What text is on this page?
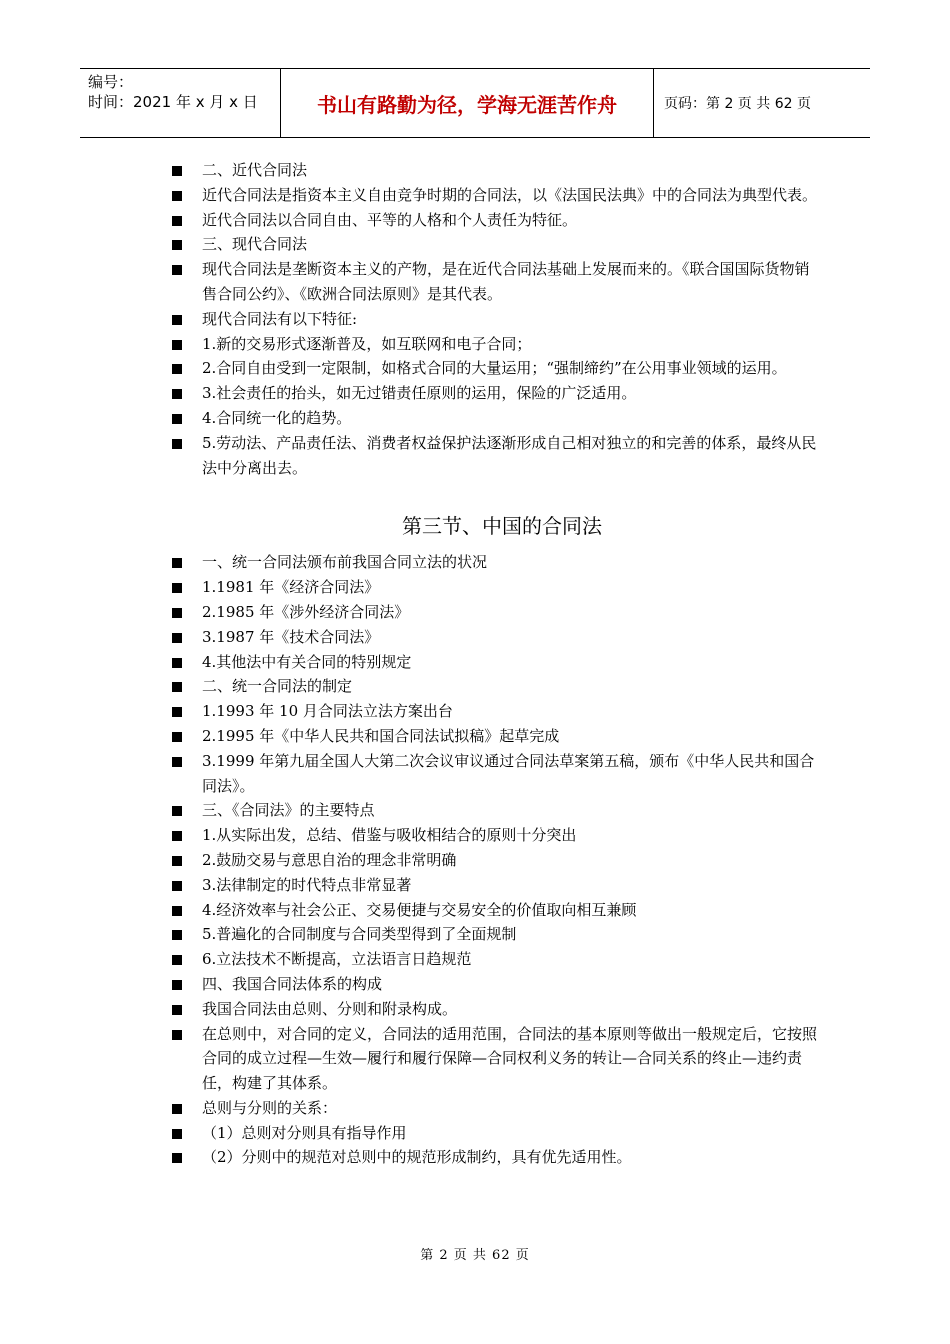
编号：
时间：2021 年 x 月 x 日	书山有路勤为径，学海无涯苦作舟	页码：第 2 页 共 62 页
二、近代合同法
近代合同法是指资本主义自由竞争时期的合同法，以《法国民法典》中的合同法为典型代表。
近代合同法以合同自由、平等的人格和个人责任为特征。
三、现代合同法
现代合同法是垄断资本主义的产物，是在近代合同法基础上发展而来的。《联合国国际货物销售合同公约》、《欧洲合同法原则》是其代表。
现代合同法有以下特征:
1.新的交易形式逐渐普及，如互联网和电子合同；
2.合同自由受到一定限制，如格式合同的大量运用；“强制缔约”在公用事业领域的运用。
3.社会责任的抬头，如无过错责任原则的运用，保险的广泛适用。
4.合同统一化的趋势。
5.劳动法、产品责任法、消费者权益保护法逐渐形成自己相对独立的和完善的体系，最终从民法中分离出去。
第三节、中国的合同法
一、统一合同法颁布前我国合同立法的状况
1.1981 年《经济合同法》
2.1985 年《涉外经济合同法》
3.1987 年《技术合同法》
4.其他法中有关合同的特别规定
二、统一合同法的制定
1.1993 年 10 月合同法立法方案出台
2.1995 年《中华人民共和国合同法试拟稿》起草完成
3.1999 年第九届全国人大第二次会议审议通过合同法草案第五稿，颁布《中华人民共和国合同法》。
三、《合同法》的主要特点
1.从实际出发，总结、借鉴与吸收相结合的原则十分突出
2.鼓励交易与意思自治的理念非常明确
3.法律制定的时代特点非常显著
4.经济效率与社会公正、交易便捷与交易安全的价值取向相互兼顾
5.普遍化的合同制度与合同类型得到了全面规制
6.立法技术不断提高，立法语言日趋规范
四、我国合同法体系的构成
我国合同法由总则、分则和附录构成。
在总则中，对合同的定义，合同法的适用范围，合同法的基本原则等做出一般规定后，它按照合同的成立过程—生效—履行和履行保障—合同权利义务的转让—合同关系的终止—违约责任，构建了其体系。
总则与分则的关系：
（1）总则对分则具有指导作用
（2）分则中的规范对总则中的规范形成制约，具有优先适用性。
第 2 页 共 62 页
